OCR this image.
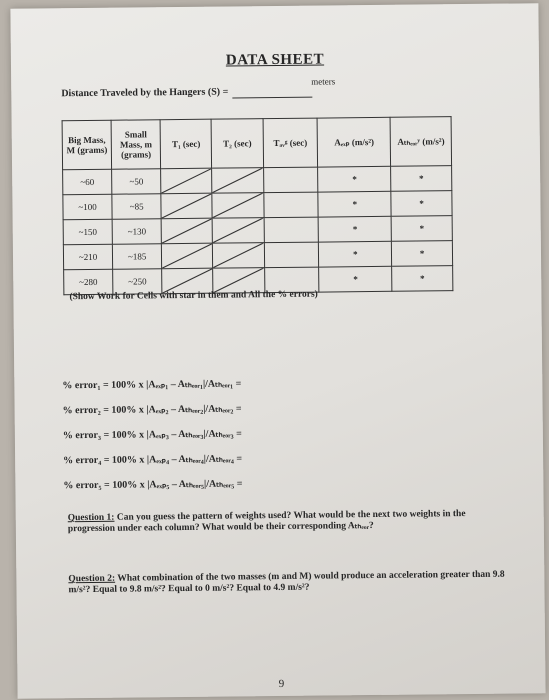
DATA SHEET
Distance Traveled by the Hangers (S) =
meters
Big Mass, M (grams)	Small Mass, m (grams)	T₁ (sec)	T₂ (sec)	Tₐᵥᵍ (sec)	Aₑₓₚ (m/s²)	Aₜₕₑₒᵣʸ (m/s²)
~60	~50				*	*
~100	~85				*	*
~150	~130				*	*
~210	~185				*	*
~280	~250				*	*
(Show Work for Cells with star in them and All the % errors)
% error₁ = 100% x |Aₑₓₚ₁ – Aₜₕₑₒᵣ₁|/Aₜₕₑₒᵣ₁ =
% error₂ = 100% x |Aₑₓₚ₂ – Aₜₕₑₒᵣ₂|/Aₜₕₑₒᵣ₂ =
% error₃ = 100% x |Aₑₓₚ₃ – Aₜₕₑₒᵣ₃|/Aₜₕₑₒᵣ₃ =
% error₄ = 100% x |Aₑₓₚ₄ – Aₜₕₑₒᵣ₄|/Aₜₕₑₒᵣ₄ =
% error₅ = 100% x |Aₑₓₚ₅ – Aₜₕₑₒᵣ₅|/Aₜₕₑₒᵣ₅ =
Question 1: Can you guess the pattern of weights used? What would be the next two weights in the progression under each column? What would be their corresponding Aₜₕₑₒᵣ?
Question 2: What combination of the two masses (m and M) would produce an acceleration greater than 9.8 m/s²? Equal to 9.8 m/s²? Equal to 0 m/s²? Equal to 4.9 m/s²?
9
